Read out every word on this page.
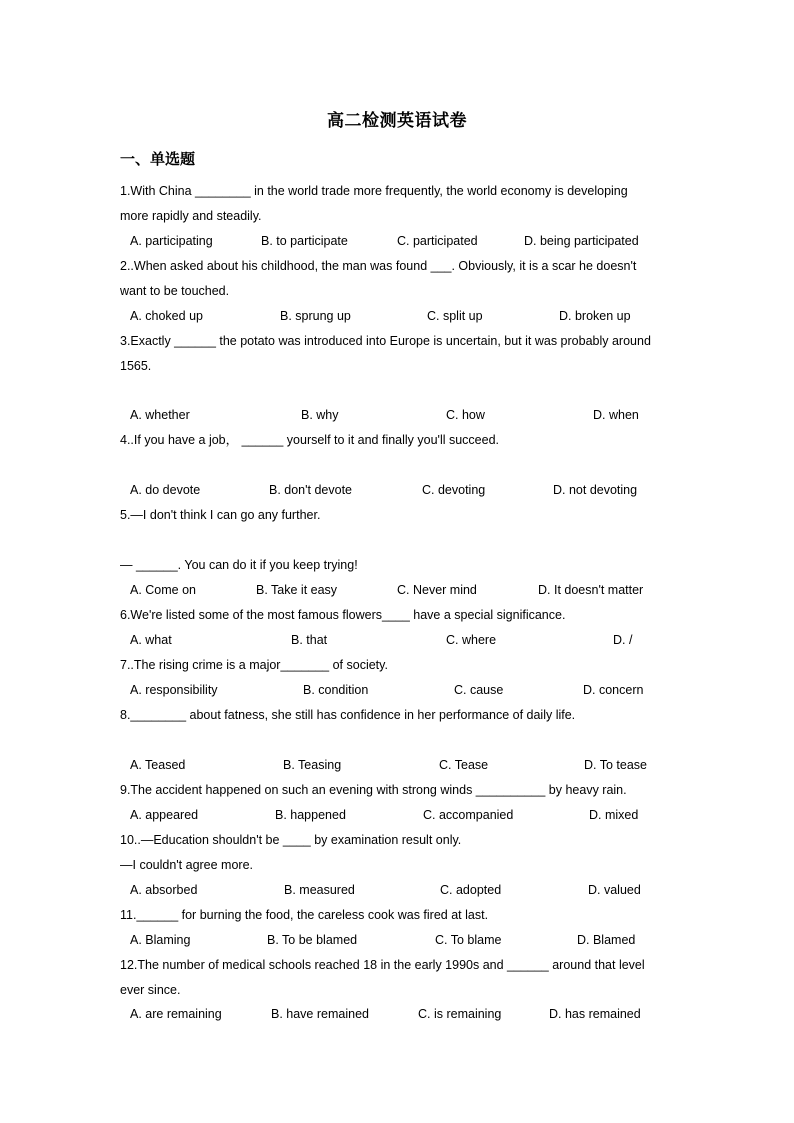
高二检测英语试卷
一、单选题
1.With China ________ in the world trade more frequently, the world economy is developing
more rapidly and steadily.
A. participating	B. to participate	C. participated	D. being participated
2..When asked about his childhood, the man was found ___. Obviously, it is a scar he doesn't
want to be touched.
A. choked up	B. sprung up	C. split up	D. broken up
3.Exactly ______ the potato was introduced into Europe is uncertain, but it was probably around
1565.
A. whether	B. why	C. how	D. when
4..If you have a job， ______ yourself to it and finally you'll succeed.
A. do devote	B. don't devote	C. devoting	D. not devoting
5.—I don't think I can go any further.
— ______. You can do it if you keep trying!
A. Come on	B. Take it easy	C. Never mind	D. It doesn't matter
6.We're listed some of the most famous flowers____ have a special significance.
A. what	B. that	C. where	D. /
7..The rising crime is a major_______ of society.
A. responsibility	B. condition	C. cause	D. concern
8.________ about fatness, she still has confidence in her performance of daily life.
A. Teased	B. Teasing	C. Tease	D. To tease
9.The accident happened on such an evening with strong winds __________ by heavy rain.
A. appeared	B. happened	C. accompanied	D. mixed
10..—Education shouldn't be ____ by examination result only.
—I couldn't agree more.
A. absorbed	B. measured	C. adopted	D. valued
11.______ for burning the food, the careless cook was fired at last.
A. Blaming	B. To be blamed	C. To blame	D. Blamed
12.The number of medical schools reached 18 in the early 1990s and ______ around that level
ever since.
A. are remaining	B. have remained	C. is remaining	D. has remained
